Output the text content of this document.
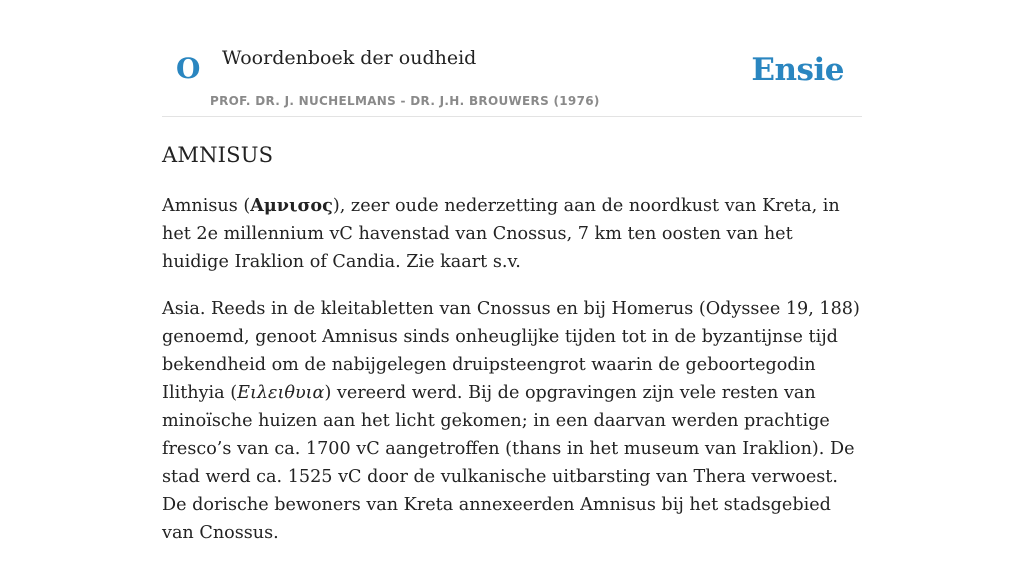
O Woordenboek der oudheid
PROF. DR. J. NUCHELMANS - DR. J.H. BROUWERS (1976)
Ensie
AMNISUS

Amnisus (Αμνισος), zeer oude nederzetting aan de noordkust van Kreta, in het 2e millennium vC havenstad van Cnossus, 7 km ten oosten van het huidige Iraklion of Candia. Zie kaart s.v.

Asia. Reeds in de kleitabletten van Cnossus en bij Homerus (Odyssee 19, 188) genoemd, genoot Amnisus sinds onheuglijke tijden tot in de byzantijnse tijd bekendheid om de nabijgelegen druipsteengrot waarin de geboortegodin Ilithyia (Ειλειθυια) vereerd werd. Bij de opgravingen zijn vele resten van minoïsche huizen aan het licht gekomen; in een daarvan werden prachtige fresco’s van ca. 1700 vC aangetroffen (thans in het museum van Iraklion). De stad werd ca. 1525 vC door de vulkanische uitbarsting van Thera verwoest. De dorische bewoners van Kreta annexeerden Amnisus bij het stadsgebied van Cnossus.
